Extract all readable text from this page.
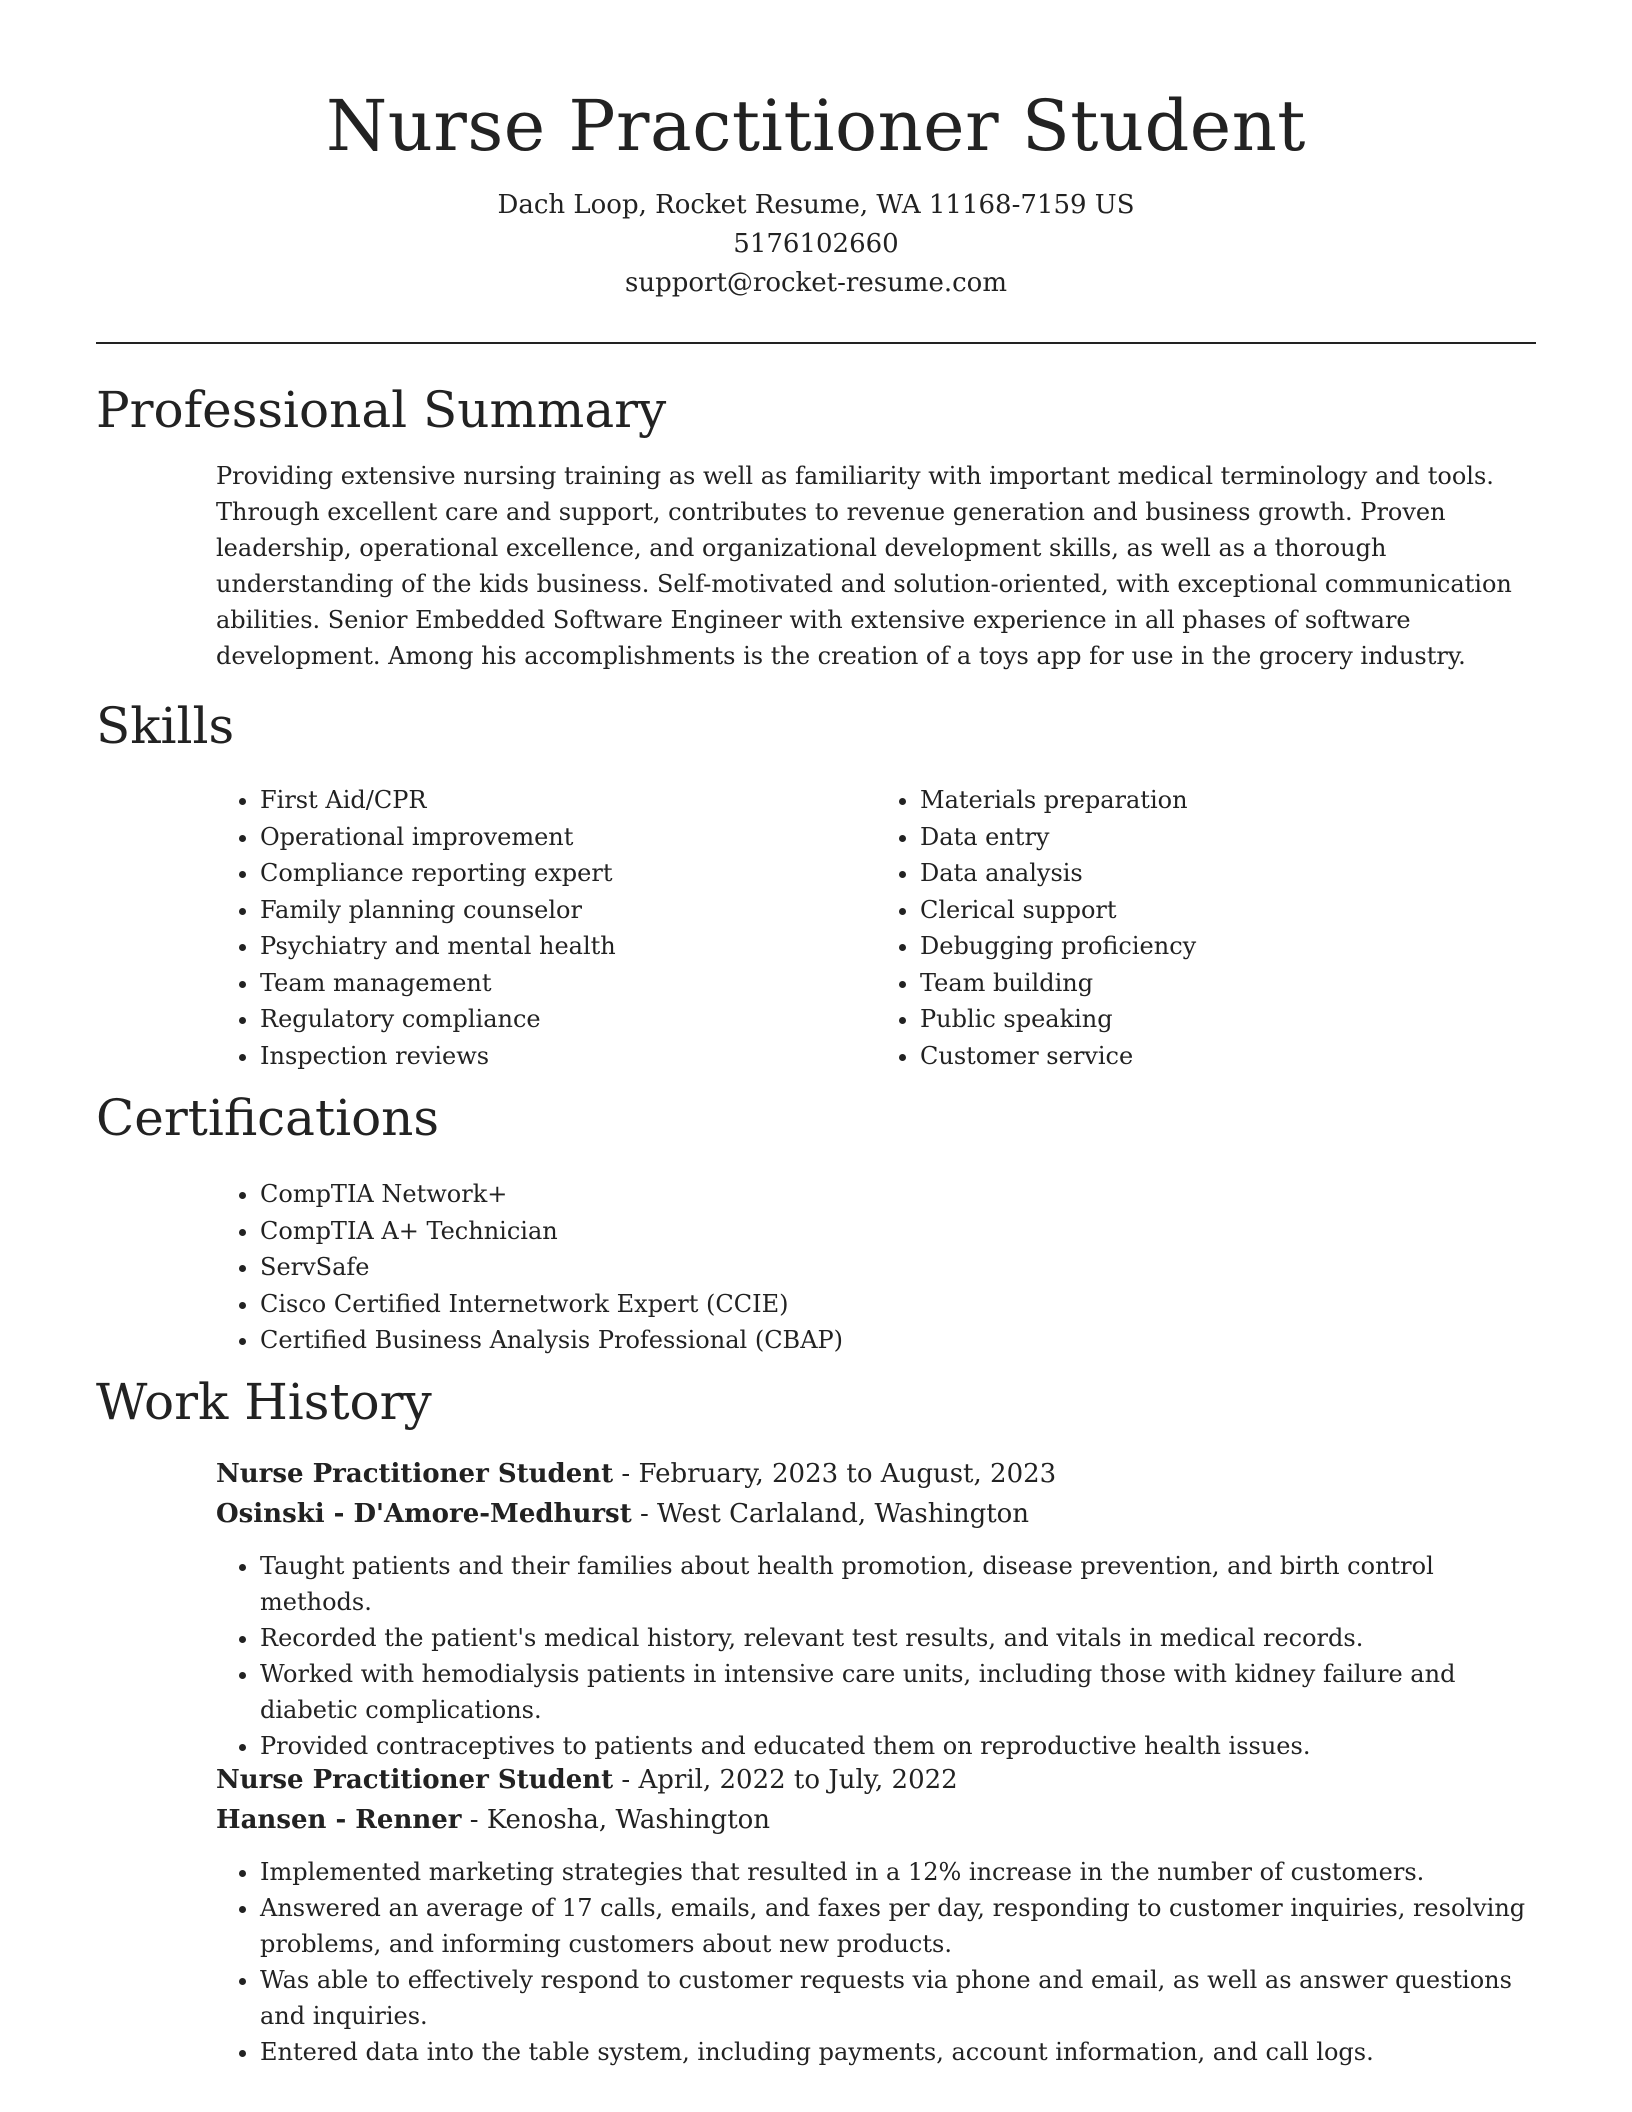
Nurse Practitioner Student
Dach Loop, Rocket Resume, WA 11168-7159 US
5176102660
support@rocket-resume.com
Professional Summary
Providing extensive nursing training as well as familiarity with important medical terminology and tools. Through excellent care and support, contributes to revenue generation and business growth. Proven leadership, operational excellence, and organizational development skills, as well as a thorough understanding of the kids business. Self-motivated and solution-oriented, with exceptional communication abilities. Senior Embedded Software Engineer with extensive experience in all phases of software development. Among his accomplishments is the creation of a toys app for use in the grocery industry.
Skills
• First Aid/CPR
• Operational improvement
• Compliance reporting expert
• Family planning counselor
• Psychiatry and mental health
• Team management
• Regulatory compliance
• Inspection reviews
• Materials preparation
• Data entry
• Data analysis
• Clerical support
• Debugging proficiency
• Team building
• Public speaking
• Customer service
Certifications
• CompTIA Network+
• CompTIA A+ Technician
• ServSafe
• Cisco Certified Internetwork Expert (CCIE)
• Certified Business Analysis Professional (CBAP)
Work History
Nurse Practitioner Student - February, 2023 to August, 2023
Osinski - D'Amore-Medhurst - West Carlaland, Washington
• Taught patients and their families about health promotion, disease prevention, and birth control methods.
• Recorded the patient's medical history, relevant test results, and vitals in medical records.
• Worked with hemodialysis patients in intensive care units, including those with kidney failure and diabetic complications.
• Provided contraceptives to patients and educated them on reproductive health issues.
Nurse Practitioner Student - April, 2022 to July, 2022
Hansen - Renner - Kenosha, Washington
• Implemented marketing strategies that resulted in a 12% increase in the number of customers.
• Answered an average of 17 calls, emails, and faxes per day, responding to customer inquiries, resolving problems, and informing customers about new products.
• Was able to effectively respond to customer requests via phone and email, as well as answer questions and inquiries.
• Entered data into the table system, including payments, account information, and call logs.
